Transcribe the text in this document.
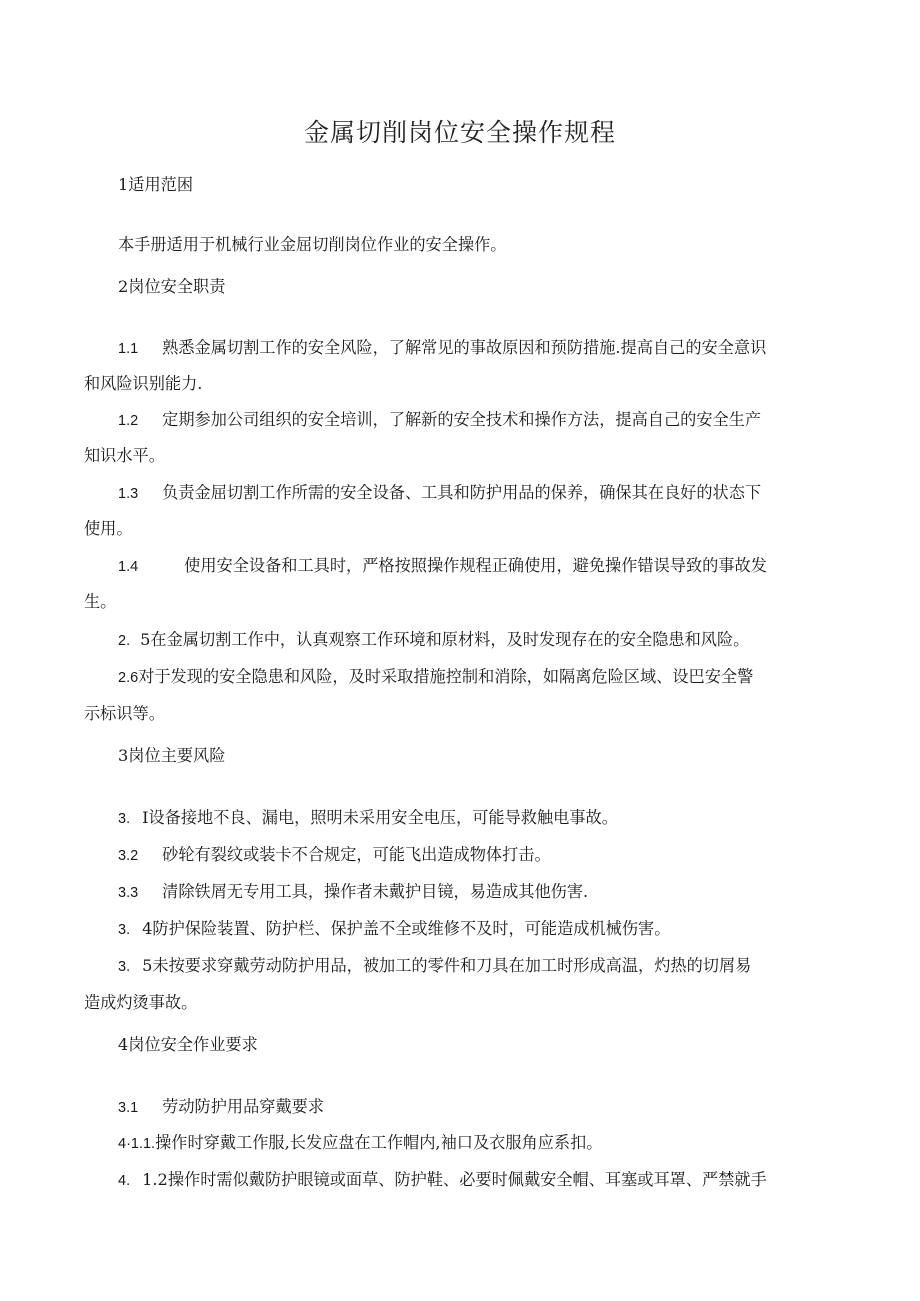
金属切削岗位安全操作规程
1适用范困
本手册适用于机械行业金屈切削岗位作业的安全操作。
2岗位安全职责
1.1 熟悉金属切割工作的安全风险，了解常见的事故原因和预防措施.提高自己的安全意识
和风险识别能力.
1.2 定期参加公司组织的安全培训，了解新的安全技术和操作方法，提高自己的安全生产
知识水平。
1.3 负责金屈切割工作所需的安全设备、工具和防护用品的保养，确保其在良好的状态下
使用。
1.4	使用安全设备和工具时，严格按照操作规程正确使用，避免操作错误导致的事故发
生。
2. 5在金属切割工作中，认真观察工作环境和原材料，及时发现存在的安全隐患和风险。
2.6对于发现的安全隐患和风险，及时采取措施控制和消除，如隔离危险区域、设巴安全警
示标识等。
3岗位主要风险
3. I设备接地不良、漏电，照明未采用安全电压，可能导救触电事故。
3.2 砂轮有裂纹或装卡不合规定，可能飞出造成物体打击。
3.3 清除铁屑无专用工具，操作者未戴护目镜，易造成其他伤害.
3. 4防护保险装置、防护栏、保护盖不全或维修不及时，可能造成机械伤害。
3. 5未按要求穿戴劳动防护用品，被加工的零件和刀具在加工时形成高温，灼热的切屑易
造成灼烫事故。
4岗位安全作业要求
3.1 劳动防护用品穿戴要求
4·1.1.操作时穿戴工作服,长发应盘在工作帽内,袖口及衣服角应系扣。
4. 1.2操作时需似戴防护眼镜或面草、防护鞋、必要时佩戴安全帽、耳塞或耳罩、严禁就手
